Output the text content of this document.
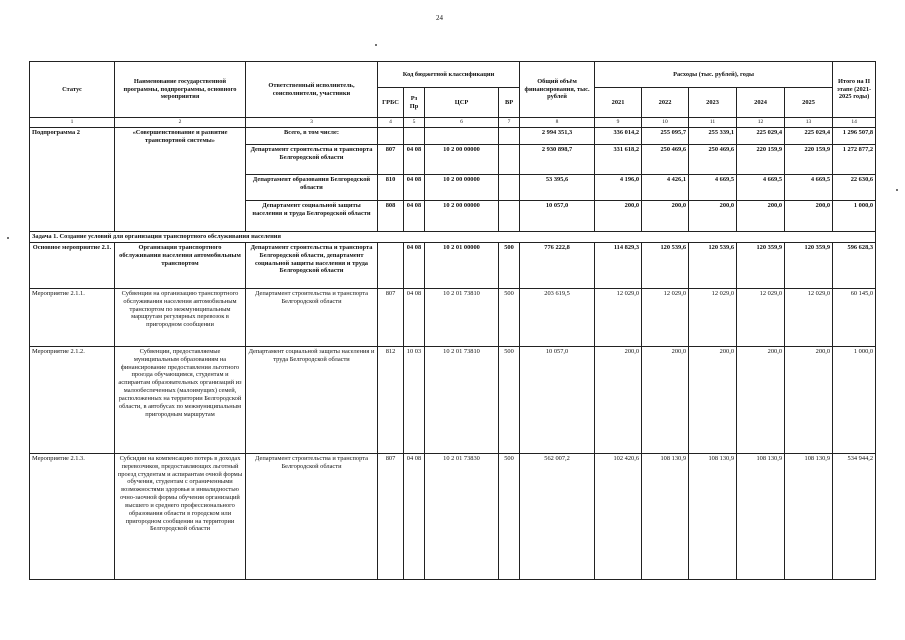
24
Статус	Наименование государственной программы, подпрограммы, основного мероприятия	Ответственный исполнитель, соисполнители, участники	Код бюджетной классификации				Общий объём финансирования, тыс. рублей	Расходы (тыс. рублей), годы					Итого на II этапе (2021-2025 годы)
			ГРБС	Рз Пр	ЦСР	ВР		2021	2022	2023	2024	2025	
1	2	3	4	5	6	7	8	9	10	11	12	13	14
Подпрограмма 2	«Совершенствование и развитие транспортной системы»	Всего, в том числе:					2 994 351,3	336 014,2	255 095,7	255 339,1	225 029,4	225 029,4	1 296 507,8
		Департамент строительства и транспорта Белгородской области	807	04 08	10 2 00 00000		2 930 898,7	331 618,2	250 469,6	250 469,6	220 159,9	220 159,9	1 272 877,2
		Департамент образования Белгородской области	810	04 08	10 2 00 00000		53 395,6	4 196,0	4 426,1	4 669,5	4 669,5	4 669,5	22 630,6
		Департамент социальной защиты населения и труда Белгородской области	808	04 08	10 2 00 00000		10 057,0	200,0	200,0	200,0	200,0	200,0	1 000,0
Задача 1. Создание условий для организации транспортного обслуживания населения													
Основное мероприятие 2.1.	Организация транспортного обслуживания населения автомобильным транспортом	Департамент строительства и транспорта Белгородской области, департамент социальной защиты населения и труда Белгородской области		04 08	10 2 01 00000	500	776 222,8	114 829,3	120 539,6	120 539,6	120 359,9	120 359,9	596 628,3
Мероприятие 2.1.1.	Субвенции на организацию транспортного обслуживания населения автомобильным транспортом по межмуниципальным маршрутам регулярных перевозок в пригородном сообщении	Департамент строительства и транспорта Белгородской области	807	04 08	10 2 01 73810	500	203 619,5	12 029,0	12 029,0	12 029,0	12 029,0	12 029,0	60 145,0
Мероприятие 2.1.2.	Субвенции, предоставляемые муниципальным образованиям на финансирование предоставления льготного проезда обучающимся, студентам и аспирантам образовательных организаций из малообеспеченных (малоимущих) семей, расположенных на территории Белгородской области, в автобусах по межмуниципальным пригородным маршрутам	Департамент социальной защиты населения и труда Белгородской области	812	10 03	10 2 01 73810	500	10 057,0	200,0	200,0	200,0	200,0	200,0	1 000,0
Мероприятие 2.1.3.	Субсидии на компенсацию потерь в доходах перевозчиков, предоставляющих льготный проезд студентам и аспирантам очной формы обучения, студентам с ограниченными возможностями здоровья и инвалидностью очно-заочной формы обучения организаций высшего и среднего профессионального образования области в городском или пригородном сообщении на территории Белгородской области	Департамент строительства и транспорта Белгородской области	807	04 08	10 2 01 73830	500	562 007,2	102 420,6	108 130,9	108 130,9	108 130,9	108 130,9	534 944,2
